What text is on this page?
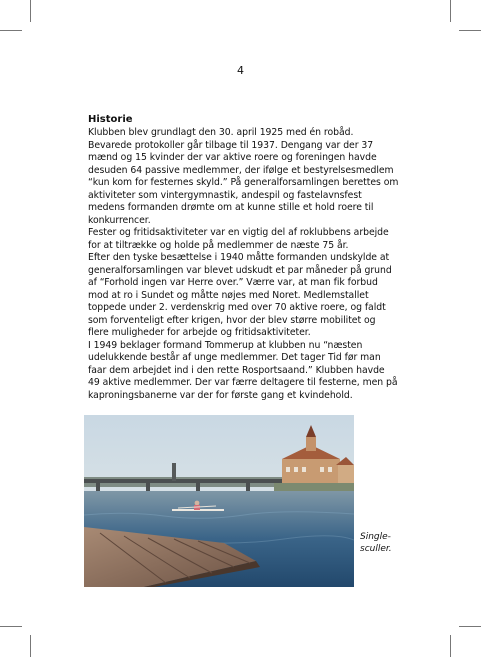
4
Historie
Klubben blev grundlagt den 30. april 1925 med én robåd.
Bevarede protokoller går tilbage til 1937. Dengang var der 37
mænd og 15 kvinder der var aktive roere og foreningen havde
desuden 64 passive medlemmer, der ifølge et bestyrelsesmedlem
“kun kom for festernes skyld.” På generalforsamlingen berettes om
aktiviteter som vintergymnastik, andespil og fastelavnsfest
medens formanden drømte om at kunne stille et hold roere til
konkurrencer.
Fester og fritidsaktiviteter var en vigtig del af roklubbens arbejde
for at tiltrække og holde på medlemmer de næste 75 år.
Efter den tyske besættelse i 1940 måtte formanden undskylde at
generalforsamlingen var blevet udskudt et par måneder på grund
af “Forhold ingen var Herre over.” Værre var, at man fik forbud
mod at ro i Sundet og måtte nøjes med Noret. Medlemstallet
toppede under 2. verdenskrig med over 70 aktive roere, og faldt
som forventeligt efter krigen, hvor der blev større mobilitet og
flere muligheder for arbejde og fritidsaktiviteter.
I 1949 beklager formand Tommerup at klubben nu “næsten
udelukkende består af unge medlemmer. Det tager Tid før man
faar dem arbejdet ind i den rette Rosportsaand.” Klubben havde
49 aktive medlemmer. Der var færre deltagere til festerne, men på
kaproningsbanerne var der for første gang et kvindehold.
Single-
sculler.
